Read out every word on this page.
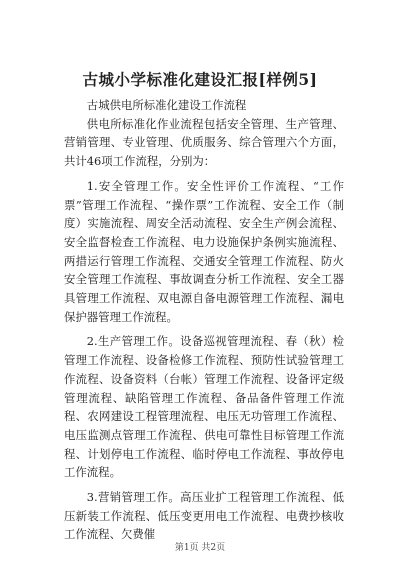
古城小学标准化建设汇报[样例5]

古城供电所标准化建设工作流程

供电所标准化作业流程包括安全管理、生产管理、营销管理、专业管理、优质服务、综合管理六个方面，共计46项工作流程，分别为：

1.安全管理工作。安全性评价工作流程、“工作票”管理工作流程、“操作票”工作流程、安全工作（制度）实施流程、周安全活动流程、安全生产例会流程、安全监督检查工作流程、电力设施保护条例实施流程、两措运行管理工作流程、交通安全管理工作流程、防火安全管理工作流程、事故调查分析工作流程、安全工器具管理工作流程、双电源自备电源管理工作流程、漏电保护器管理工作流程。

2.生产管理工作。设备巡视管理流程、春（秋）检管理工作流程、设备检修工作流程、预防性试验管理工作流程、设备资料（台帐）管理工作流程、设备评定级管理流程、缺陷管理工作流程、备品备件管理工作流程、农网建设工程管理流程、电压无功管理工作流程、电压监测点管理工作流程、供电可靠性目标管理工作流程、计划停电工作流程、临时停电工作流程、事故停电工作流程。

3.营销管理工作。高压业扩工程管理工作流程、低压新装工作流程、低压变更用电工作流程、电费抄核收工作流程、欠费催

第1页 共2页
